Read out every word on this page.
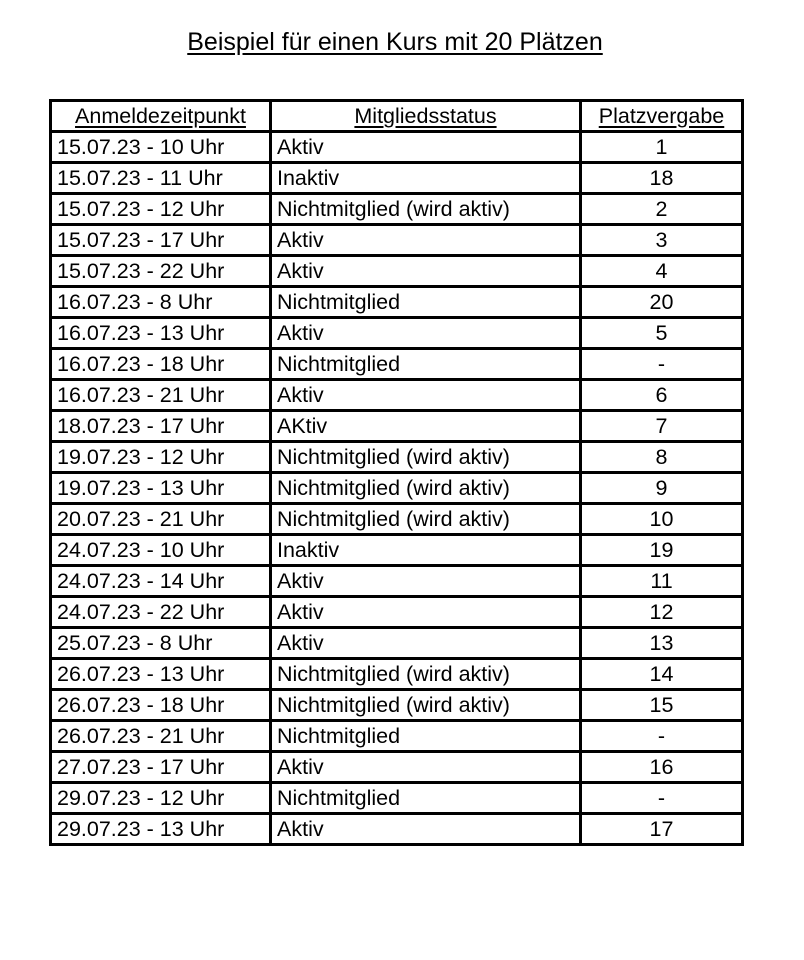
Beispiel für einen Kurs mit 20 Plätzen
Anmeldezeitpunkt	Mitgliedsstatus	Platzvergabe
15.07.23 - 10 Uhr	Aktiv	1
15.07.23 - 11 Uhr	Inaktiv	18
15.07.23 - 12 Uhr	Nichtmitglied (wird aktiv)	2
15.07.23 - 17 Uhr	Aktiv	3
15.07.23 - 22 Uhr	Aktiv	4
16.07.23 - 8 Uhr	Nichtmitglied	20
16.07.23 - 13 Uhr	Aktiv	5
16.07.23 - 18 Uhr	Nichtmitglied	-
16.07.23 - 21 Uhr	Aktiv	6
18.07.23 - 17 Uhr	AKtiv	7
19.07.23 - 12 Uhr	Nichtmitglied (wird aktiv)	8
19.07.23 - 13 Uhr	Nichtmitglied (wird aktiv)	9
20.07.23 - 21 Uhr	Nichtmitglied (wird aktiv)	10
24.07.23 - 10 Uhr	Inaktiv	19
24.07.23 - 14 Uhr	Aktiv	11
24.07.23 - 22 Uhr	Aktiv	12
25.07.23 - 8 Uhr	Aktiv	13
26.07.23 - 13 Uhr	Nichtmitglied (wird aktiv)	14
26.07.23 - 18 Uhr	Nichtmitglied (wird aktiv)	15
26.07.23 - 21 Uhr	Nichtmitglied	-
27.07.23 - 17 Uhr	Aktiv	16
29.07.23 - 12 Uhr	Nichtmitglied	-
29.07.23 - 13 Uhr	Aktiv	17
